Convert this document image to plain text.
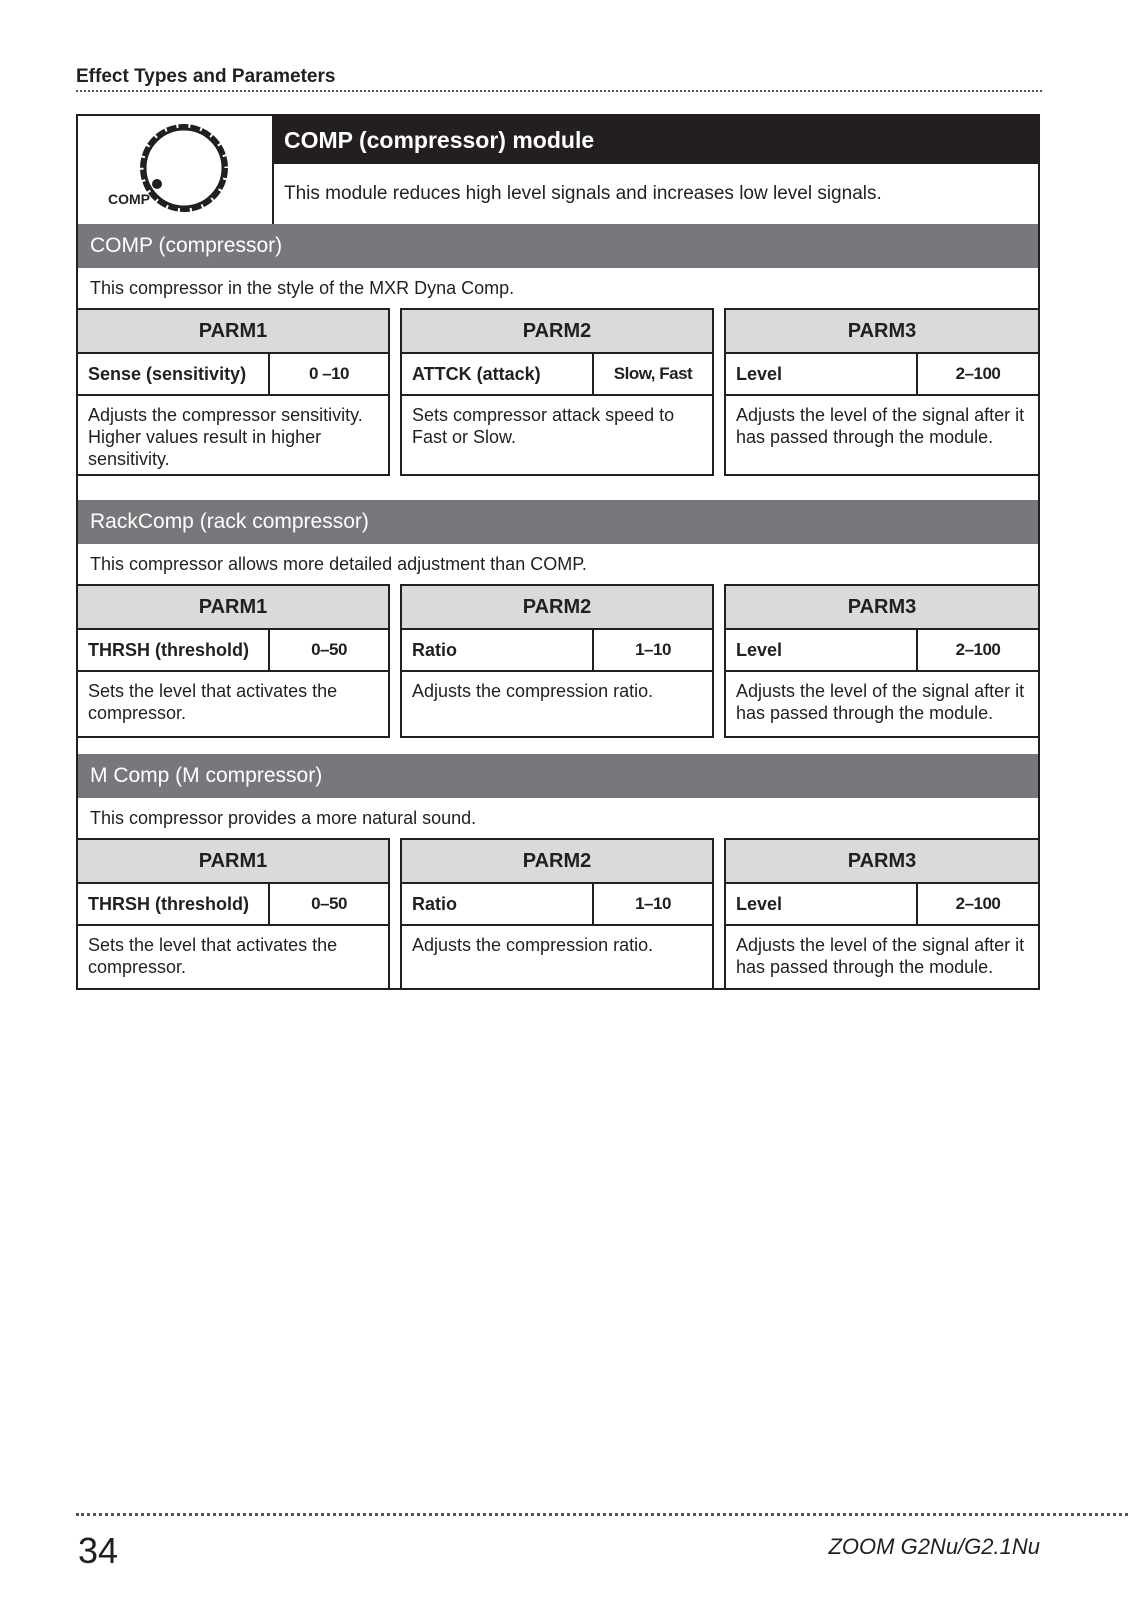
Effect Types and Parameters
COMP
COMP (compressor) module
This module reduces high level signals and increases low level signals.
COMP (compressor)
This compressor in the style of the MXR Dyna Comp.
PARM1
Sense (sensitivity)	0 –10
Adjusts the compressor sensitivity. Higher values result in higher sensitivity.
PARM2
ATTCK (attack)	Slow, Fast
Sets compressor attack speed to Fast or Slow.
PARM3
Level	2–100
Adjusts the level of the signal after it has passed through the module.
RackComp (rack compressor)
This compressor allows more detailed adjustment than COMP.
PARM1
THRSH (threshold)	0–50
Sets the level that activates the compressor.
PARM2
Ratio	1–10
Adjusts the compression ratio.
PARM3
Level	2–100
Adjusts the level of the signal after it has passed through the module.
M Comp (M compressor)
This compressor provides a more natural sound.
PARM1
THRSH (threshold)	0–50
Sets the level that activates the compressor.
PARM2
Ratio	1–10
Adjusts the compression ratio.
PARM3
Level	2–100
Adjusts the level of the signal after it has passed through the module.
34	ZOOM G2Nu/G2.1Nu
